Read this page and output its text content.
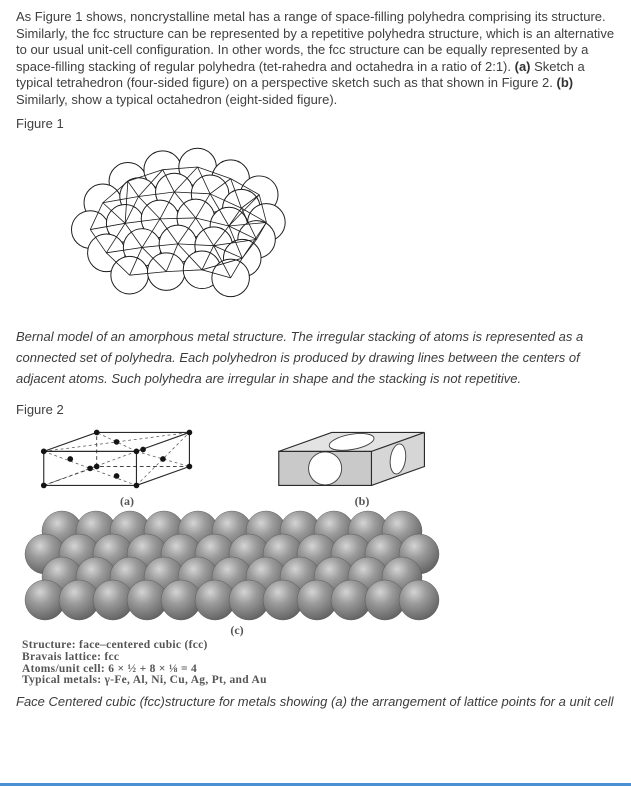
As Figure 1 shows, noncrystalline metal has a range of space-filling polyhedra comprising its structure. Similarly, the fcc structure can be represented by a repetitive polyhedra structure, which is an alternative to our usual unit-cell configuration. In other words, the fcc structure can be equally represented by a space-filling stacking of regular polyhedra (tet-rahedra and octahedra in a ratio of 2:1). (a) Sketch a typical tetrahedron (four-sided figure) on a perspective sketch such as that shown in Figure 2. (b) Similarly, show a typical octahedron (eight-sided figure).

Figure 1

Bernal model of an amorphous metal structure. The irregular stacking of atoms is represented as a connected set of polyhedra. Each polyhedron is produced by drawing lines between the centers of adjacent atoms. Such polyhedra are irregular in shape and the stacking is not repetitive.

Figure 2
(a)	(b)
(c)
Structure: face–centered cubic (fcc)
Bravais lattice: fcc
Atoms/unit cell: 6 × ½ + 8 × ⅛ = 4
Typical metals: γ-Fe, Al, Ni, Cu, Ag, Pt, and Au

Face Centered cubic (fcc)structure for metals showing (a) the arrangement of lattice points for a unit cell
